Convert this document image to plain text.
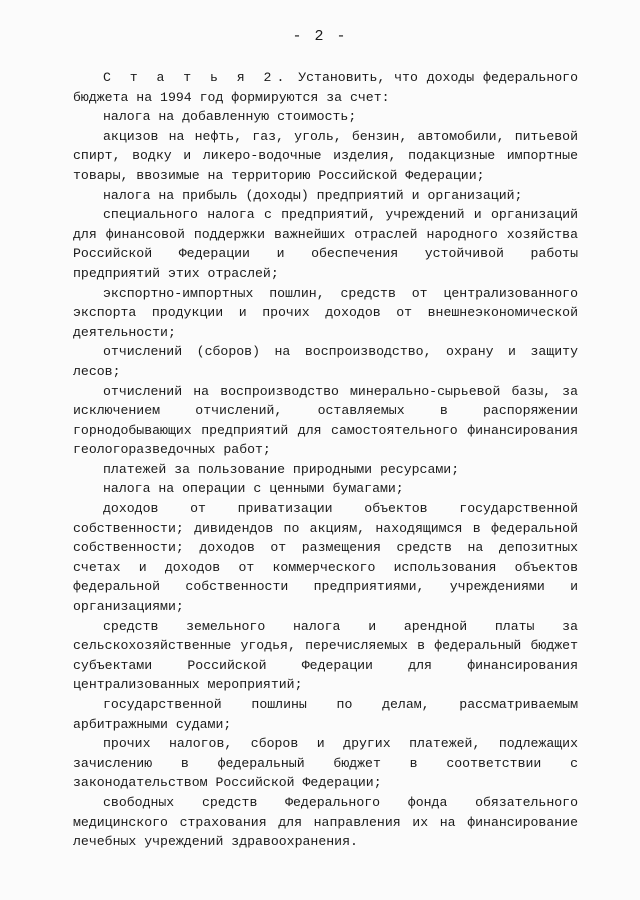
- 2 -

С т а т ь я 2. Установить, что доходы федерального бюджета на 1994 год формируются за счет:

налога на добавленную стоимость;

акцизов на нефть, газ, уголь, бензин, автомобили, питьевой спирт, водку и ликеро-водочные изделия, подакцизные импортные товары, ввозимые на территорию Российской Федерации;

налога на прибыль (доходы) предприятий и организаций;

специального налога с предприятий, учреждений и организаций для финансовой поддержки важнейших отраслей народного хозяйства Российской Федерации и обеспечения устойчивой работы предприятий этих отраслей;

экспортно-импортных пошлин, средств от централизованного экспорта продукции и прочих доходов от внешнеэкономической деятельности;

отчислений (сборов) на воспроизводство, охрану и защиту лесов;

отчислений на воспроизводство минерально-сырьевой базы, за исключением отчислений, оставляемых в распоряжении горнодобывающих предприятий для самостоятельного финансирования геологоразведочных работ;

платежей за пользование природными ресурсами;

налога на операции с ценными бумагами;

доходов от приватизации объектов государственной собственности; дивидендов по акциям, находящимся в федеральной собственности; доходов от размещения средств на депозитных счетах и доходов от коммерческого использования объектов федеральной собственности предприятиями, учреждениями и организациями;

средств земельного налога и арендной платы за сельскохозяйственные угодья, перечисляемых в федеральный бюджет субъектами Российской Федерации для финансирования централизованных мероприятий;

государственной пошлины по делам, рассматриваемым арбитражными судами;

прочих налогов, сборов и других платежей, подлежащих зачислению в федеральный бюджет в соответствии с законодательством Российской Федерации;

свободных средств Федерального фонда обязательного медицинского страхования для направления их на финансирование лечебных учреждений здравоохранения.
